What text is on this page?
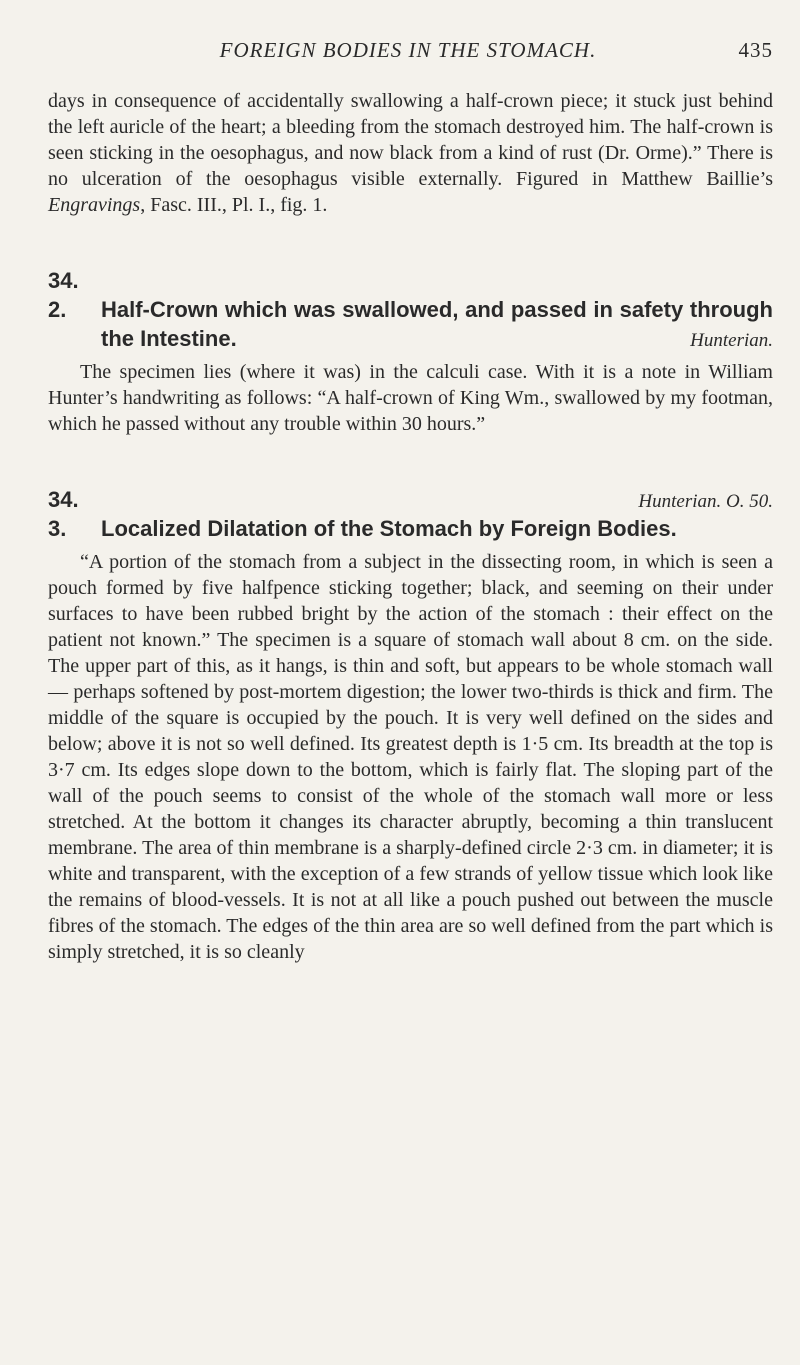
FOREIGN BODIES IN THE STOMACH.	435

days in consequence of accidentally swallowing a half-crown piece; it stuck just behind the left auricle of the heart; a bleeding from the stomach destroyed him. The half-crown is seen sticking in the oesophagus, and now black from a kind of rust (Dr. Orme).” There is no ulceration of the oesophagus visible externally. Figured in Matthew Baillie’s Engravings, Fasc. III., Pl. I., fig. 1.

34. 2. Half-Crown which was swallowed, and passed in safety through the Intestine.	Hunterian.

The specimen lies (where it was) in the calculi case. With it is a note in William Hunter’s handwriting as follows: “A half-crown of King Wm., swallowed by my footman, which he passed without any trouble within 30 hours.”

34. 3. Localized Dilatation of the Stomach by Foreign Bodies.
Hunterian. O. 50.

“A portion of the stomach from a subject in the dissecting room, in which is seen a pouch formed by five halfpence sticking together; black, and seeming on their under surfaces to have been rubbed bright by the action of the stomach : their effect on the patient not known.” The specimen is a square of stomach wall about 8 cm. on the side. The upper part of this, as it hangs, is thin and soft, but appears to be whole stomach wall— perhaps softened by post-mortem digestion; the lower two-thirds is thick and firm. The middle of the square is occupied by the pouch. It is very well defined on the sides and below; above it is not so well defined. Its greatest depth is 1·5 cm. Its breadth at the top is 3·7 cm. Its edges slope down to the bottom, which is fairly flat. The sloping part of the wall of the pouch seems to consist of the whole of the stomach wall more or less stretched. At the bottom it changes its character abruptly, becoming a thin translucent membrane. The area of thin membrane is a sharply-defined circle 2·3 cm. in diameter; it is white and transparent, with the exception of a few strands of yellow tissue which look like the remains of blood-vessels. It is not at all like a pouch pushed out between the muscle fibres of the stomach. The edges of the thin area are so well defined from the part which is simply stretched, it is so cleanly
